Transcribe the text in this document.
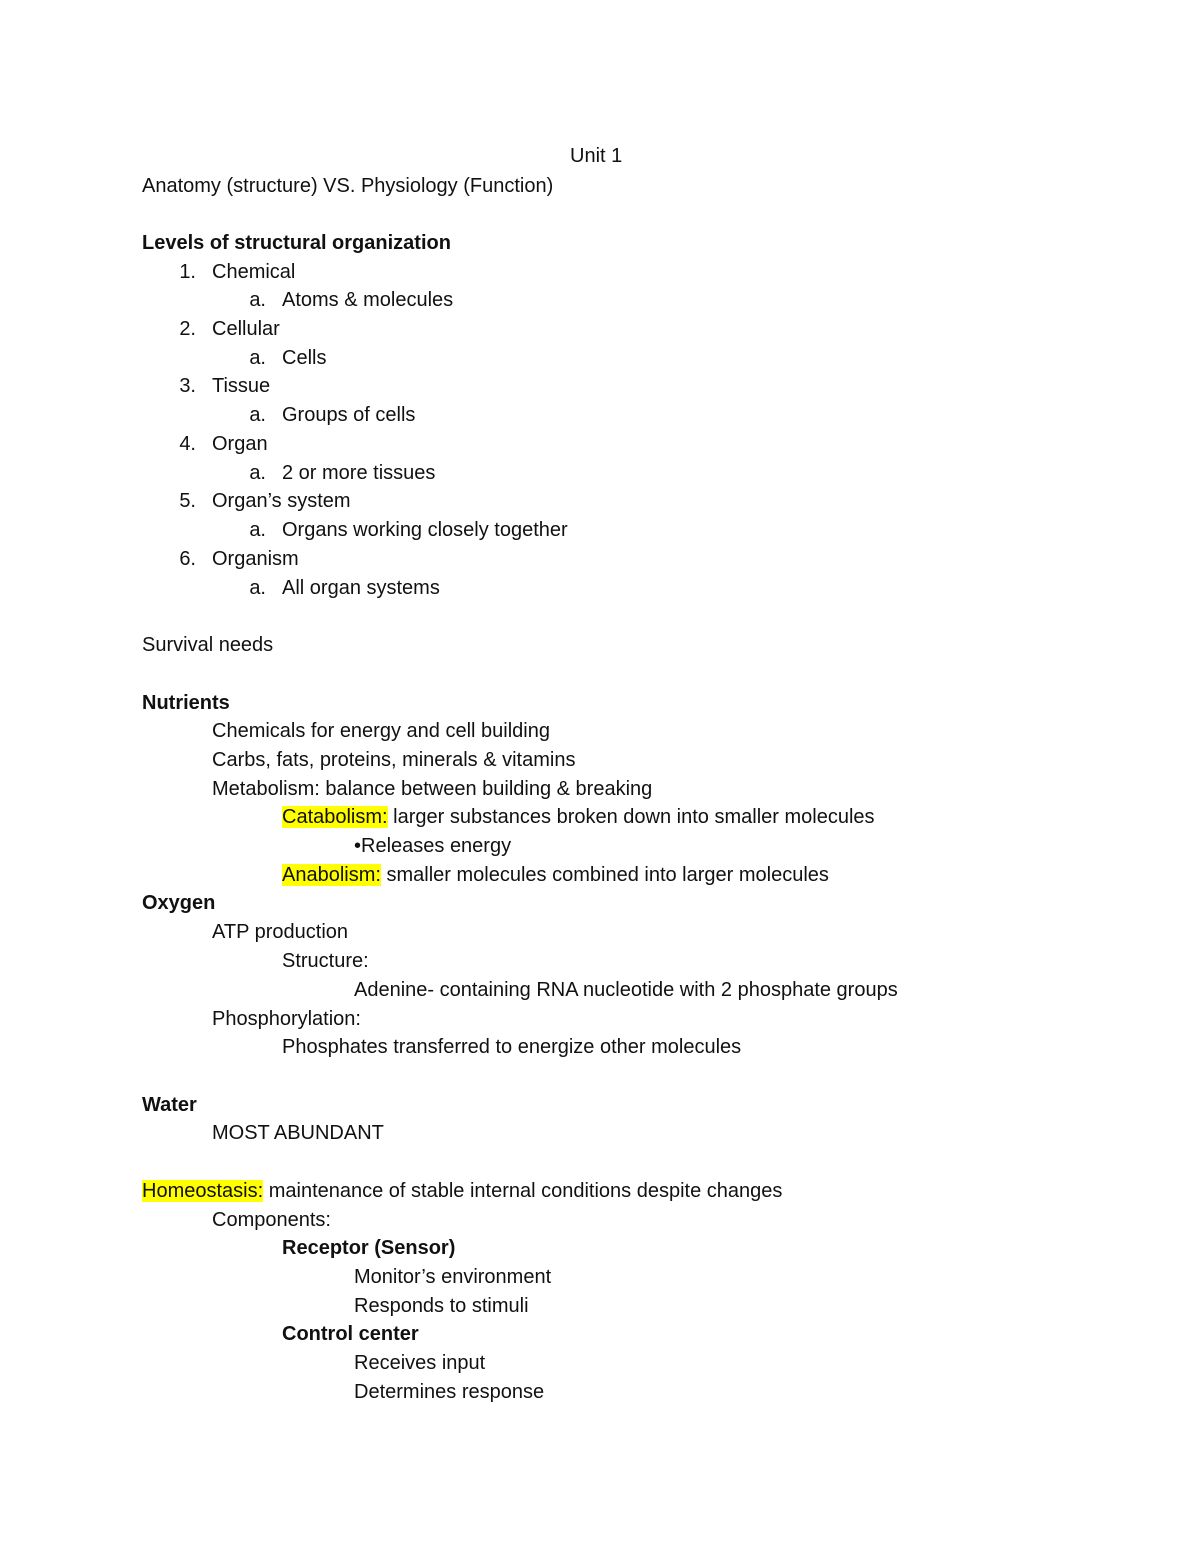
Unit 1
Anatomy (structure) VS. Physiology (Function)
Levels of structural organization
1. Chemical
a. Atoms & molecules
2. Cellular
a. Cells
3. Tissue
a. Groups of cells
4. Organ
a. 2 or more tissues
5. Organ’s system
a. Organs working closely together
6. Organism
a. All organ systems
Survival needs
Nutrients
Chemicals for energy and cell building
Carbs, fats, proteins, minerals & vitamins
Metabolism: balance between building & breaking
Catabolism: larger substances broken down into smaller molecules
•Releases energy
Anabolism: smaller molecules combined into larger molecules
Oxygen
ATP production
Structure:
Adenine- containing RNA nucleotide with 2 phosphate groups
Phosphorylation:
Phosphates transferred to energize other molecules
Water
MOST ABUNDANT
Homeostasis: maintenance of stable internal conditions despite changes
Components:
Receptor (Sensor)
Monitor’s environment
Responds to stimuli
Control center
Receives input
Determines response
